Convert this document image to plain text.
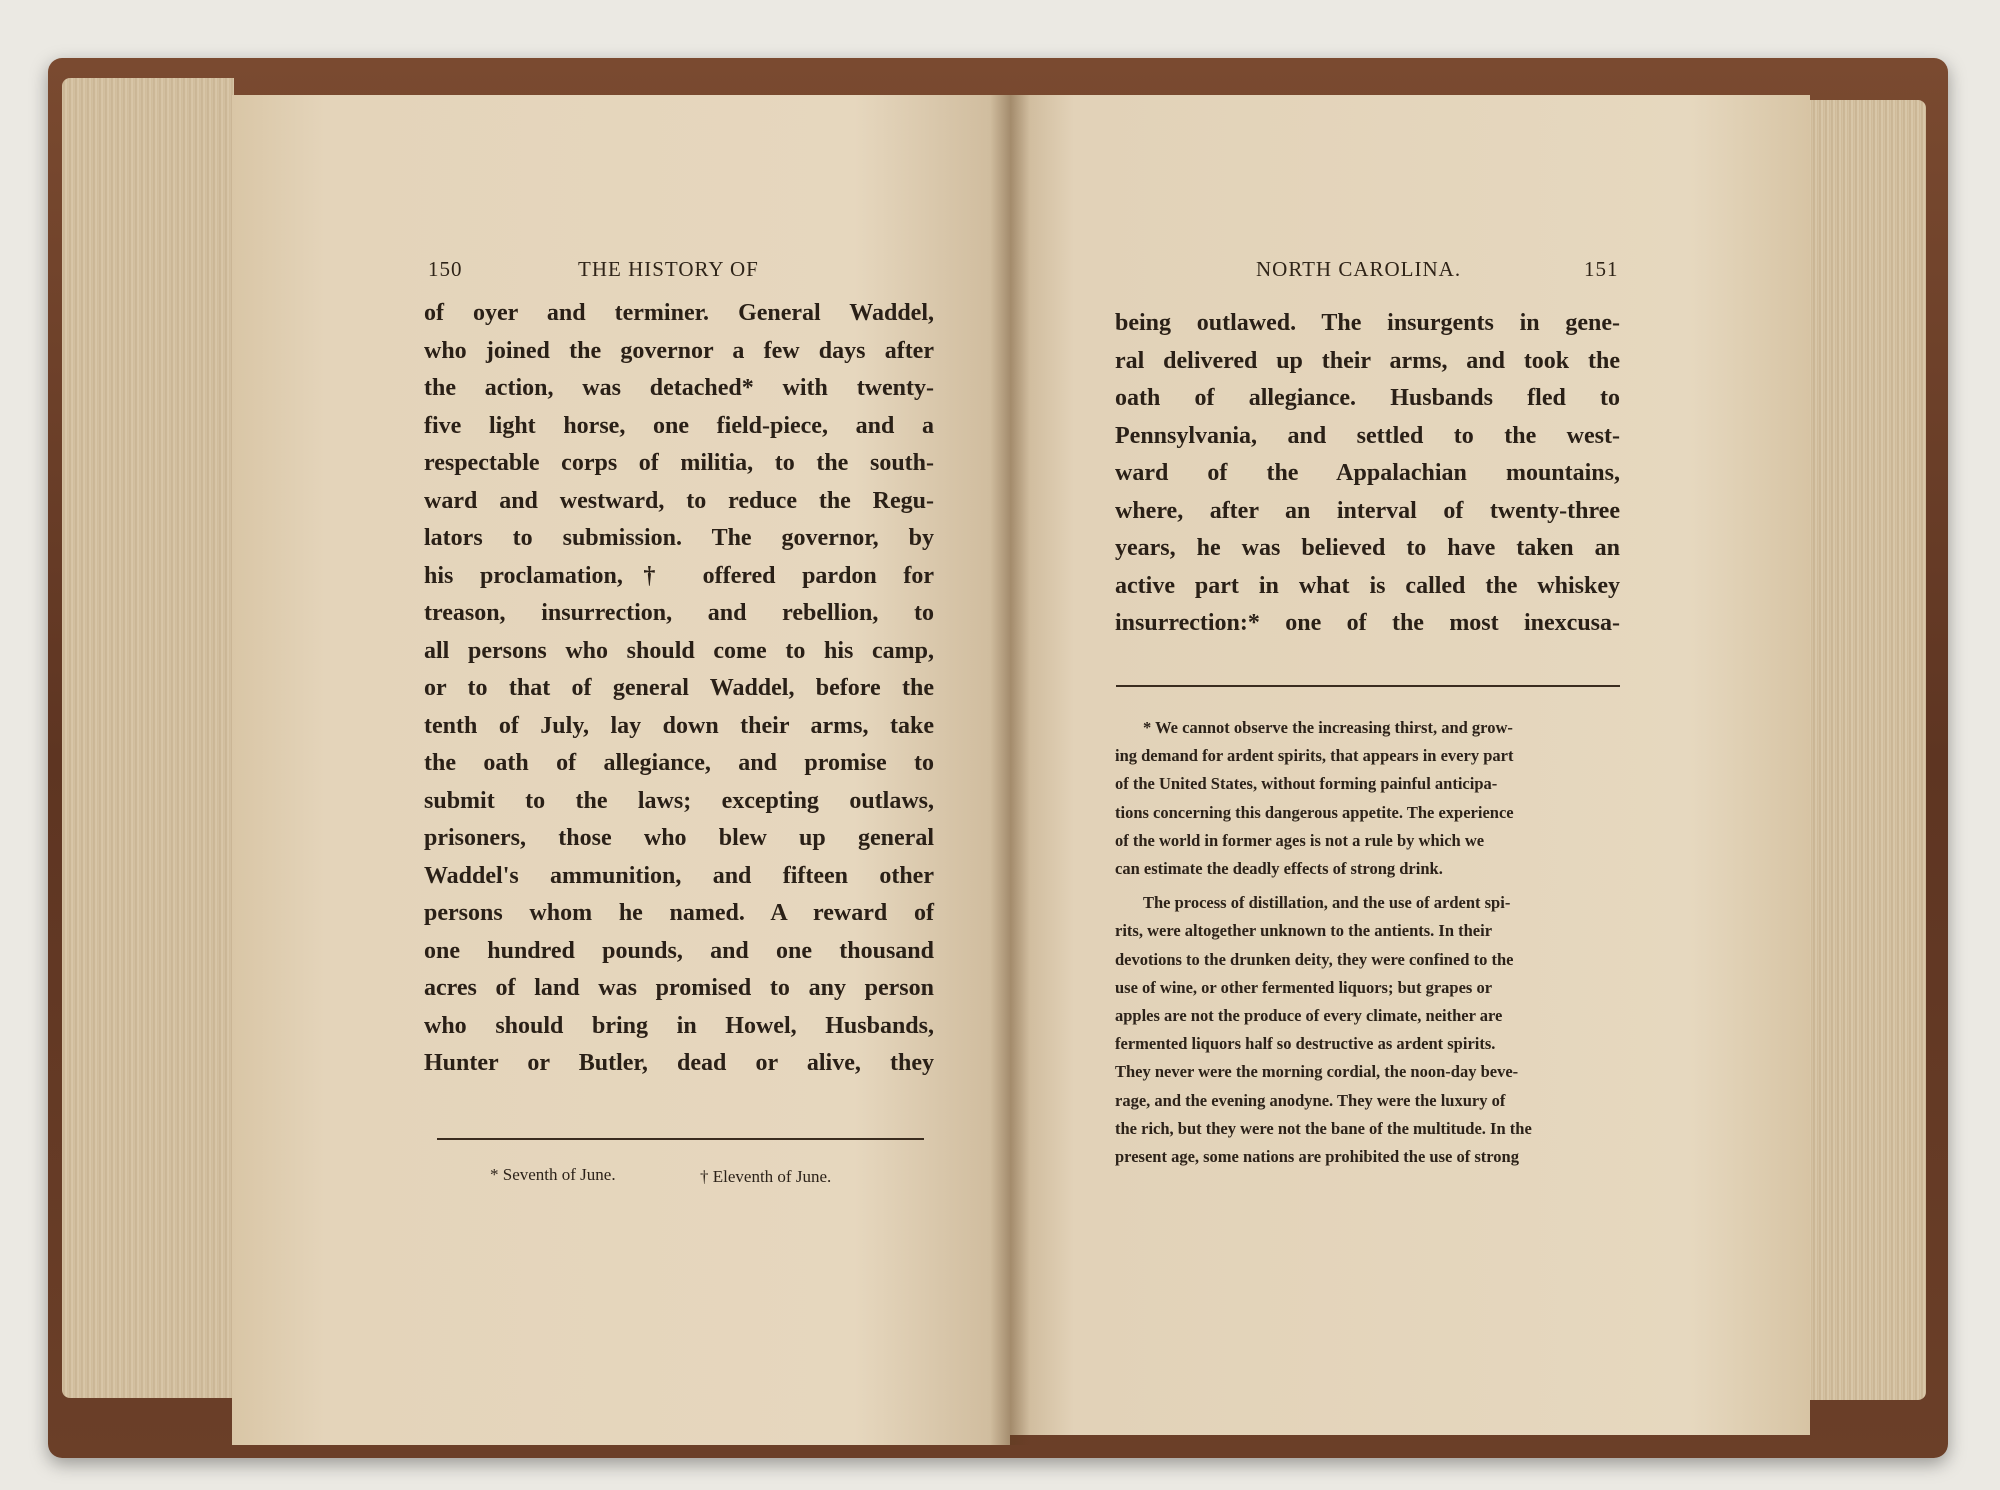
150	THE HISTORY OF
of oyer and terminer. General Waddel,
who joined the governor a few days after
the action, was detached* with twenty-
five light horse, one field-piece, and a
respectable corps of militia, to the south-
ward and westward, to reduce the Regu-
lators to submission. The governor, by
his proclamation,† offered pardon for
treason, insurrection, and rebellion, to
all persons who should come to his camp,
or to that of general Waddel, before the
tenth of July, lay down their arms, take
the oath of allegiance, and promise to
submit to the laws; excepting outlaws,
prisoners, those who blew up general
Waddel's ammunition, and fifteen other
persons whom he named. A reward of
one hundred pounds, and one thousand
acres of land was promised to any person
who should bring in Howel, Husbands,
Hunter or Butler, dead or alive, they
* Seventh of June.	† Eleventh of June.
NORTH CAROLINA.	151
being outlawed. The insurgents in gene-
ral delivered up their arms, and took the
oath of allegiance. Husbands fled to
Pennsylvania, and settled to the west-
ward of the Appalachian mountains,
where, after an interval of twenty-three
years, he was believed to have taken an
active part in what is called the whiskey
insurrection:* one of the most inexcusa-
* We cannot observe the increasing thirst, and grow-
ing demand for ardent spirits, that appears in every part
of the United States, without forming painful anticipa-
tions concerning this dangerous appetite. The experience
of the world in former ages is not a rule by which we
can estimate the deadly effects of strong drink.
The process of distillation, and the use of ardent spi-
rits, were altogether unknown to the antients. In their
devotions to the drunken deity, they were confined to the
use of wine, or other fermented liquors; but grapes or
apples are not the produce of every climate, neither are
fermented liquors half so destructive as ardent spirits.
They never were the morning cordial, the noon-day beve-
rage, and the evening anodyne. They were the luxury of
the rich, but they were not the bane of the multitude. In the
present age, some nations are prohibited the use of strong
